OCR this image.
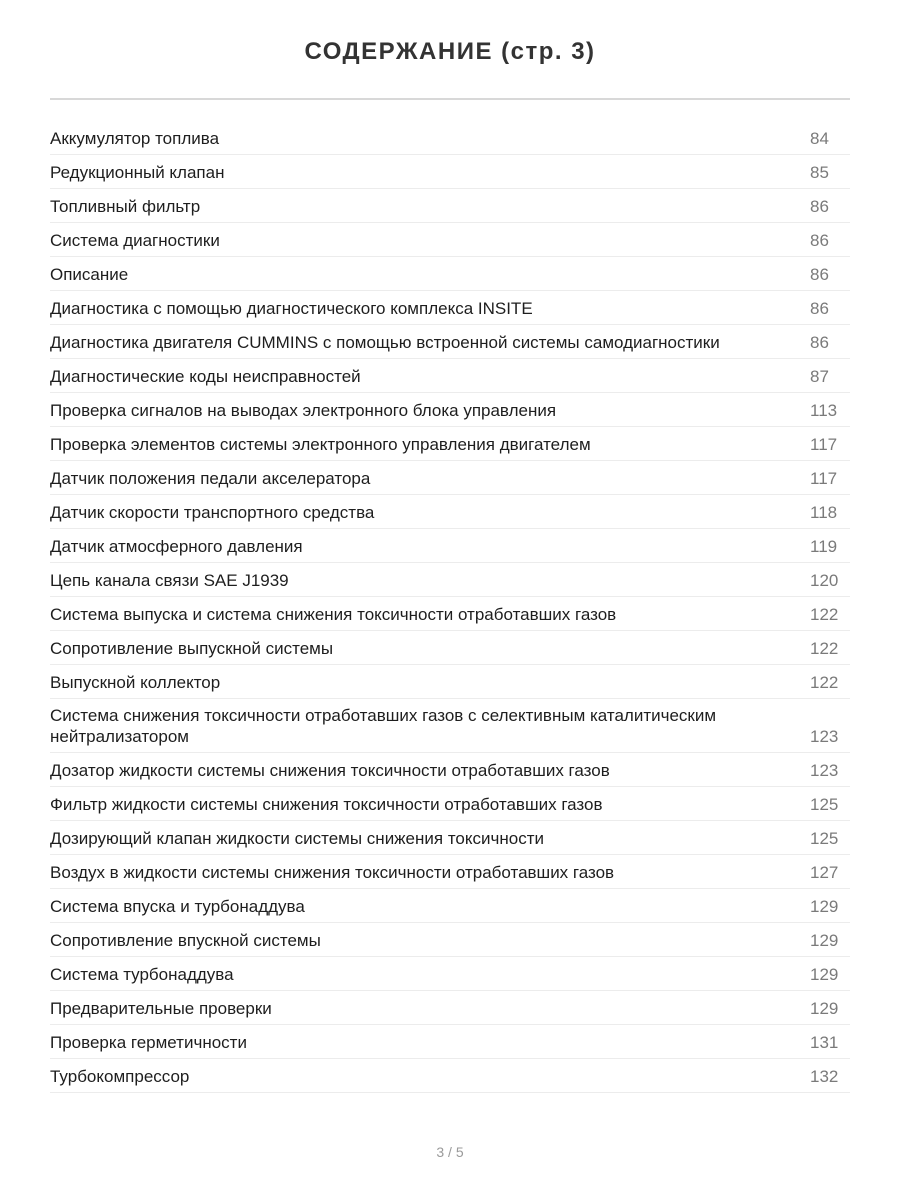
СОДЕРЖАНИЕ (стр. 3)
Аккумулятор топлива	84
Редукционный клапан	85
Топливный фильтр	86
Система диагностики	86
Описание	86
Диагностика с помощью диагностического комплекса INSITE	86
Диагностика двигателя CUMMINS с помощью встроенной системы самодиагностики	86
Диагностические коды неисправностей	87
Проверка сигналов на выводах электронного блока управления	113
Проверка элементов системы электронного управления двигателем	117
Датчик положения педали акселератора	117
Датчик скорости транспортного средства	118
Датчик атмосферного давления	119
Цепь канала связи SAE J1939	120
Система выпуска и система снижения токсичности отработавших газов	122
Сопротивление выпускной системы	122
Выпускной коллектор	122
Система снижения токсичности отработавших газов с селективным каталитическим нейтрализатором	123
Дозатор жидкости системы снижения токсичности отработавших газов	123
Фильтр жидкости системы снижения токсичности отработавших газов	125
Дозирующий клапан жидкости системы снижения токсичности	125
Воздух в жидкости системы снижения токсичности отработавших газов	127
Система впуска и турбонаддува	129
Сопротивление впускной системы	129
Система турбонаддува	129
Предварительные проверки	129
Проверка герметичности	131
Турбокомпрессор	132
3 / 5
